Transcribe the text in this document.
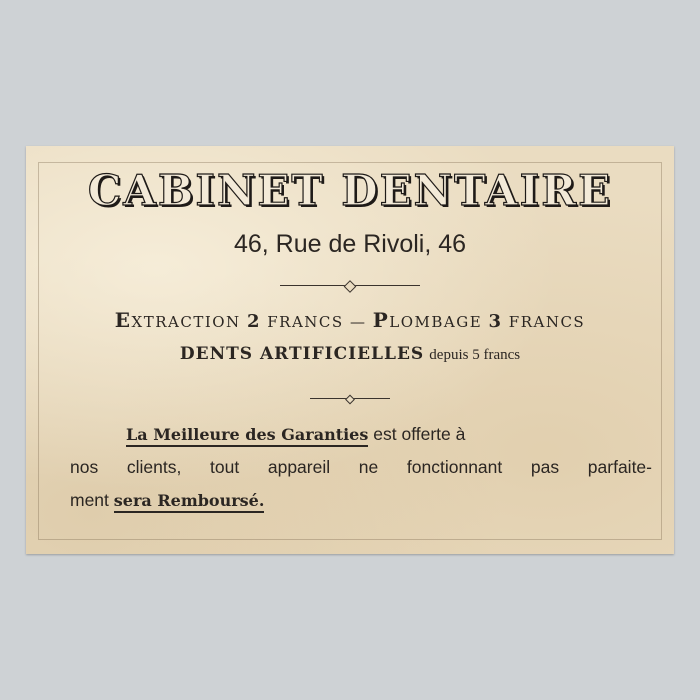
CABINET DENTAIRE
46, Rue de Rivoli, 46
EXTRACTION 2 FRANCS — PLOMBAGE 3 FRANCS
DENTS ARTIFICIELLES depuis 5 francs
La Meilleure des Garanties est offerte à
nos clients, tout appareil ne fonctionnant pas parfaite-
ment sera Remboursé.
